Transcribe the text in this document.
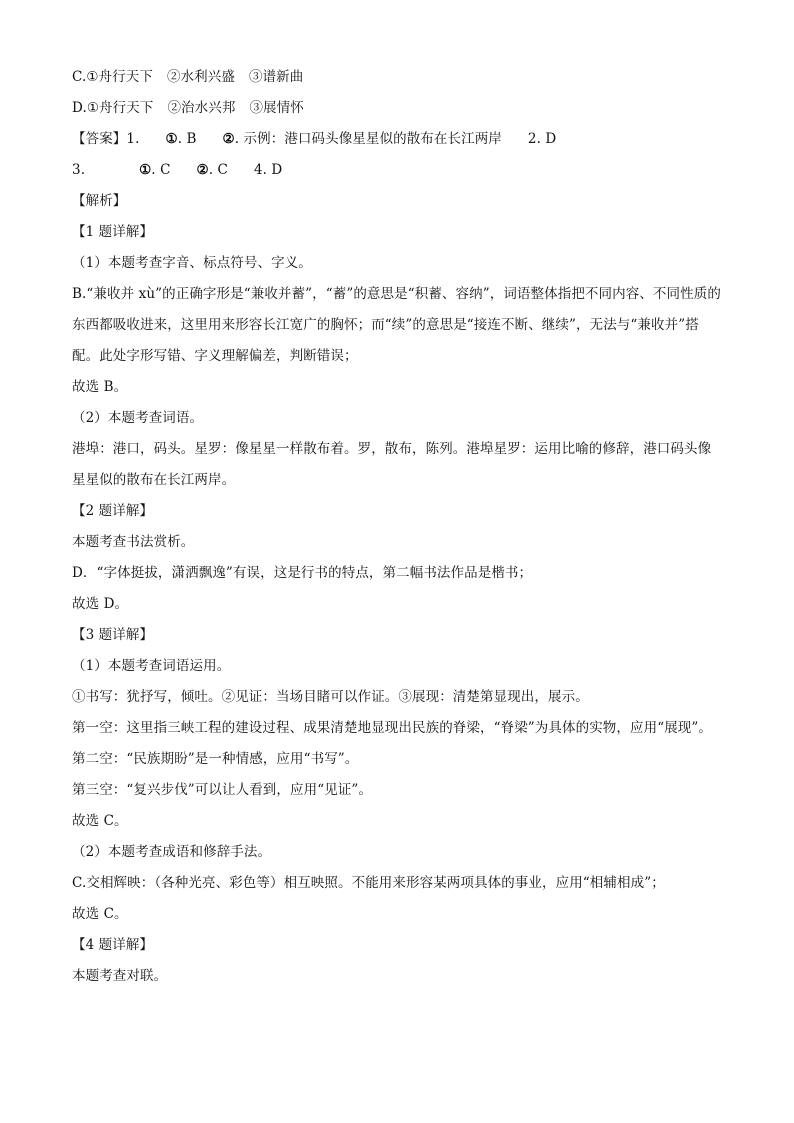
C.①舟行天下 ②水利兴盛 ③谱新曲
D.①舟行天下 ②治水兴邦 ③展情怀
【答案】1. ①. B ②. 示例：港口码头像星星似的散布在长江两岸 2. D
3.	①. C ②. C 4. D
【解析】
【1 题详解】
（1）本题考查字音、标点符号、字义。
B.“兼收并 xù”的正确字形是“兼收并蓄”，“蓄”的意思是“积蓄、容纳”，词语整体指把不同内容、不同性质的东西都吸收进来，这里用来形容长江宽广的胸怀；而“续”的意思是“接连不断、继续”，无法与“兼收并”搭配。此处字形写错、字义理解偏差，判断错误；
故选 B。
（2）本题考查词语。
港埠：港口，码头。星罗：像星星一样散布着。罗，散布，陈列。港埠星罗：运用比喻的修辞，港口码头像星星似的散布在长江两岸。
【2 题详解】
本题考查书法赏析。
D．“字体挺拔，潇洒飘逸”有误，这是行书的特点，第二幅书法作品是楷书；
故选 D。
【3 题详解】
（1）本题考查词语运用。
①书写：犹抒写，倾吐。②见证：当场目睹可以作证。③展现：清楚第显现出，展示。
第一空：这里指三峡工程的建设过程、成果清楚地显现出民族的脊梁，“脊梁”为具体的实物，应用“展现”。
第二空：“民族期盼”是一种情感，应用“书写”。
第三空：“复兴步伐”可以让人看到，应用“见证”。
故选 C。
（2）本题考查成语和修辞手法。
C.交相辉映：（各种光亮、彩色等）相互映照。不能用来形容某两项具体的事业，应用“相辅相成”；
故选 C。
【4 题详解】
本题考查对联。
